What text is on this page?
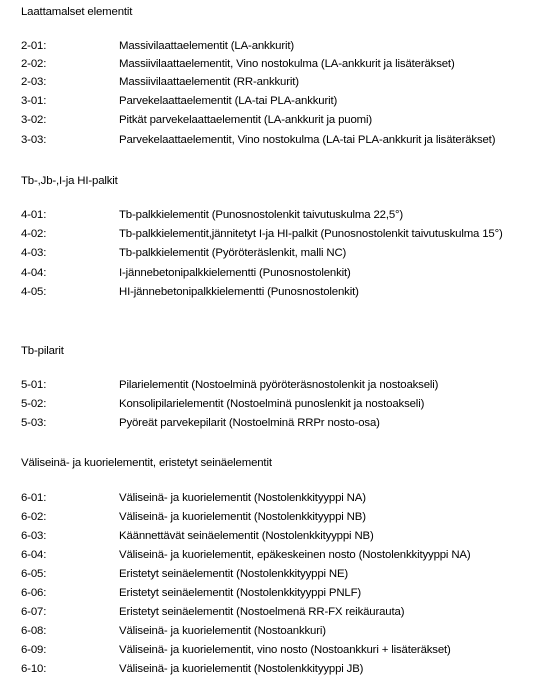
Laattamalset elementit
2-01:	Massivilaattaelementit (LA-ankkurit)
2-02:	Massiivilaattaelementit, Vino nostokulma (LA-ankkurit ja lisäteräkset)
2-03:	Massiivilaattaelementit (RR-ankkurit)
3-01:	Parvekelaattaelementit (LA-tai PLA-ankkurit)
3-02:	Pitkät parvekelaattaelementit (LA-ankkurit ja puomi)
3-03:	Parvekelaattaelementit, Vino nostokulma (LA-tai PLA-ankkurit ja lisäteräkset)
Tb-,Jb-,I-ja HI-palkit
4-01:	Tb-palkkielementit (Punosnostolenkit taivutuskulma 22,5°)
4-02:	Tb-palkkielementit,jännitetyt I-ja HI-palkit (Punosnostolenkit taivutuskulma 15°)
4-03:	Tb-palkkielementit (Pyöröteräslenkit, malli NC)
4-04:	I-jännebetonipalkkielementti (Punosnostolenkit)
4-05:	HI-jännebetonipalkkielementti (Punosnostolenkit)
Tb-pilarit
5-01:	Pilarielementit (Nostoelminä pyöröteräsnostolenkit ja nostoakseli)
5-02:	Konsolipilarielementit (Nostoelminä punoslenkit ja nostoakseli)
5-03:	Pyöreät parvekepilarit (Nostoelminä RRPr nosto-osa)
Väliseinä- ja kuorielementit, eristetyt seinäelementit
6-01:	Väliseinä- ja kuorielementit (Nostolenkkityyppi NA)
6-02:	Väliseinä- ja kuorielementit (Nostolenkkityyppi NB)
6-03:	Käännettävät seinäelementit (Nostolenkkityyppi NB)
6-04:	Väliseinä- ja kuorielementit, epäkeskeinen nosto (Nostolenkkityyppi NA)
6-05:	Eristetyt seinäelementit (Nostolenkkityyppi NE)
6-06:	Eristetyt seinäelementit (Nostolenkkityyppi PNLF)
6-07:	Eristetyt seinäelementit (Nostoelmenä RR-FX reikäurauta)
6-08:	Väliseinä- ja kuorielementit (Nostoankkuri)
6-09:	Väliseinä- ja kuorielementit, vino nosto (Nostoankkuri + lisäteräkset)
6-10:	Väliseinä- ja kuorielementit (Nostolenkkityyppi JB)
